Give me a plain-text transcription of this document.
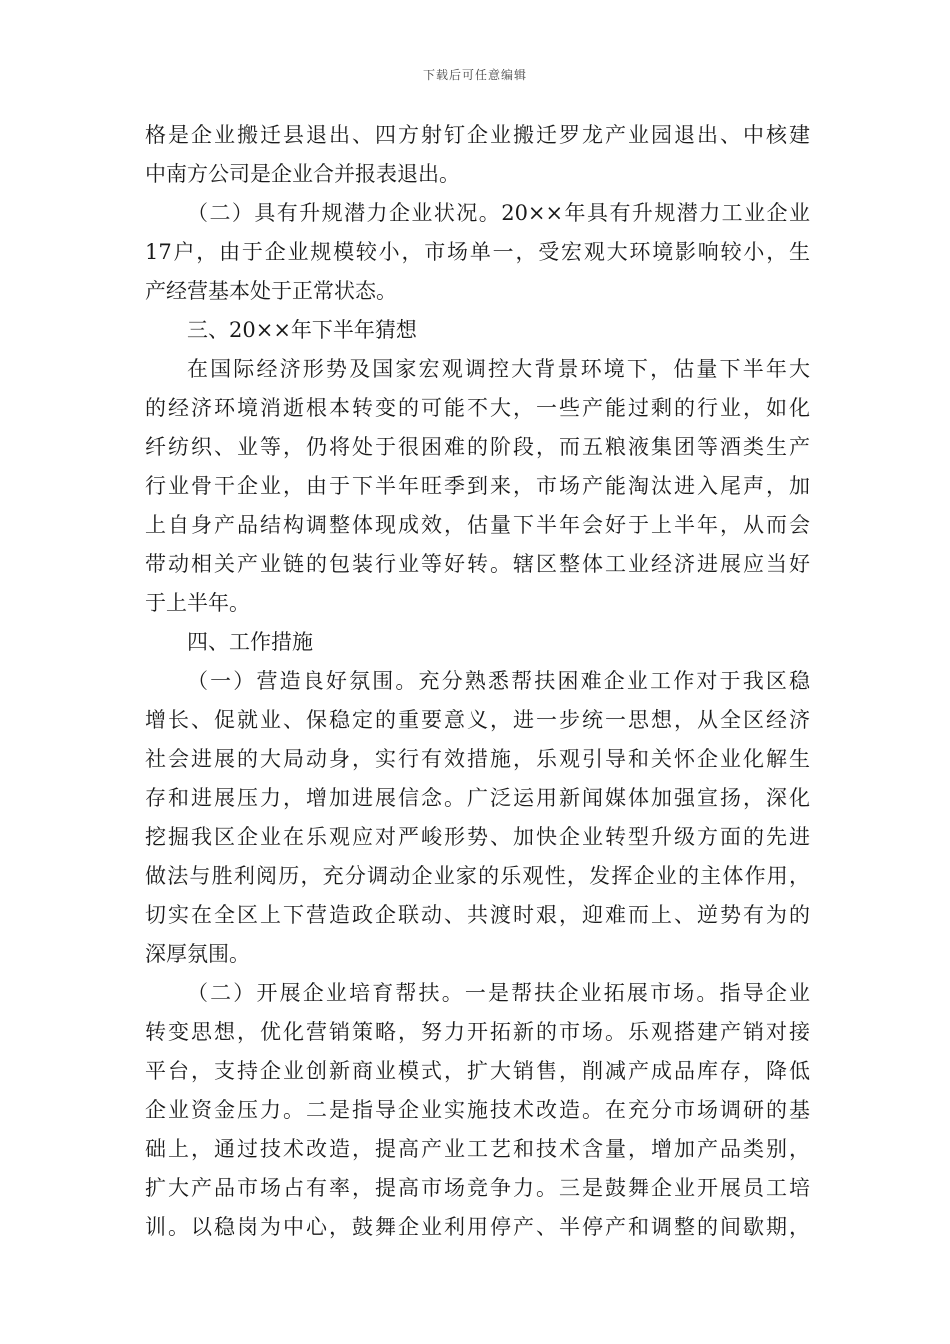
下载后可任意编辑
格是企业搬迁县退出、四方射钉企业搬迁罗龙产业园退出、中核建
中南方公司是企业合并报表退出。
（二）具有升规潜力企业状况。20××年具有升规潜力工业企业
17户，由于企业规模较小，市场单一，受宏观大环境影响较小，生
产经营基本处于正常状态。
三、20××年下半年猜想
在国际经济形势及国家宏观调控大背景环境下，估量下半年大
的经济环境消逝根本转变的可能不大，一些产能过剩的行业，如化
纤纺织、业等，仍将处于很困难的阶段，而五粮液集团等酒类生产
行业骨干企业，由于下半年旺季到来，市场产能淘汰进入尾声，加
上自身产品结构调整体现成效，估量下半年会好于上半年，从而会
带动相关产业链的包装行业等好转。辖区整体工业经济进展应当好
于上半年。
四、工作措施
（一）营造良好氛围。充分熟悉帮扶困难企业工作对于我区稳
增长、促就业、保稳定的重要意义，进一步统一思想，从全区经济
社会进展的大局动身，实行有效措施，乐观引导和关怀企业化解生
存和进展压力，增加进展信念。广泛运用新闻媒体加强宣扬，深化
挖掘我区企业在乐观应对严峻形势、加快企业转型升级方面的先进
做法与胜利阅历，充分调动企业家的乐观性，发挥企业的主体作用，
切实在全区上下营造政企联动、共渡时艰，迎难而上、逆势有为的
深厚氛围。
（二）开展企业培育帮扶。一是帮扶企业拓展市场。指导企业
转变思想，优化营销策略，努力开拓新的市场。乐观搭建产销对接
平台，支持企业创新商业模式，扩大销售，削减产成品库存，降低
企业资金压力。二是指导企业实施技术改造。在充分市场调研的基
础上，通过技术改造，提高产业工艺和技术含量，增加产品类别，
扩大产品市场占有率，提高市场竞争力。三是鼓舞企业开展员工培
训。以稳岗为中心，鼓舞企业利用停产、半停产和调整的间歇期，
